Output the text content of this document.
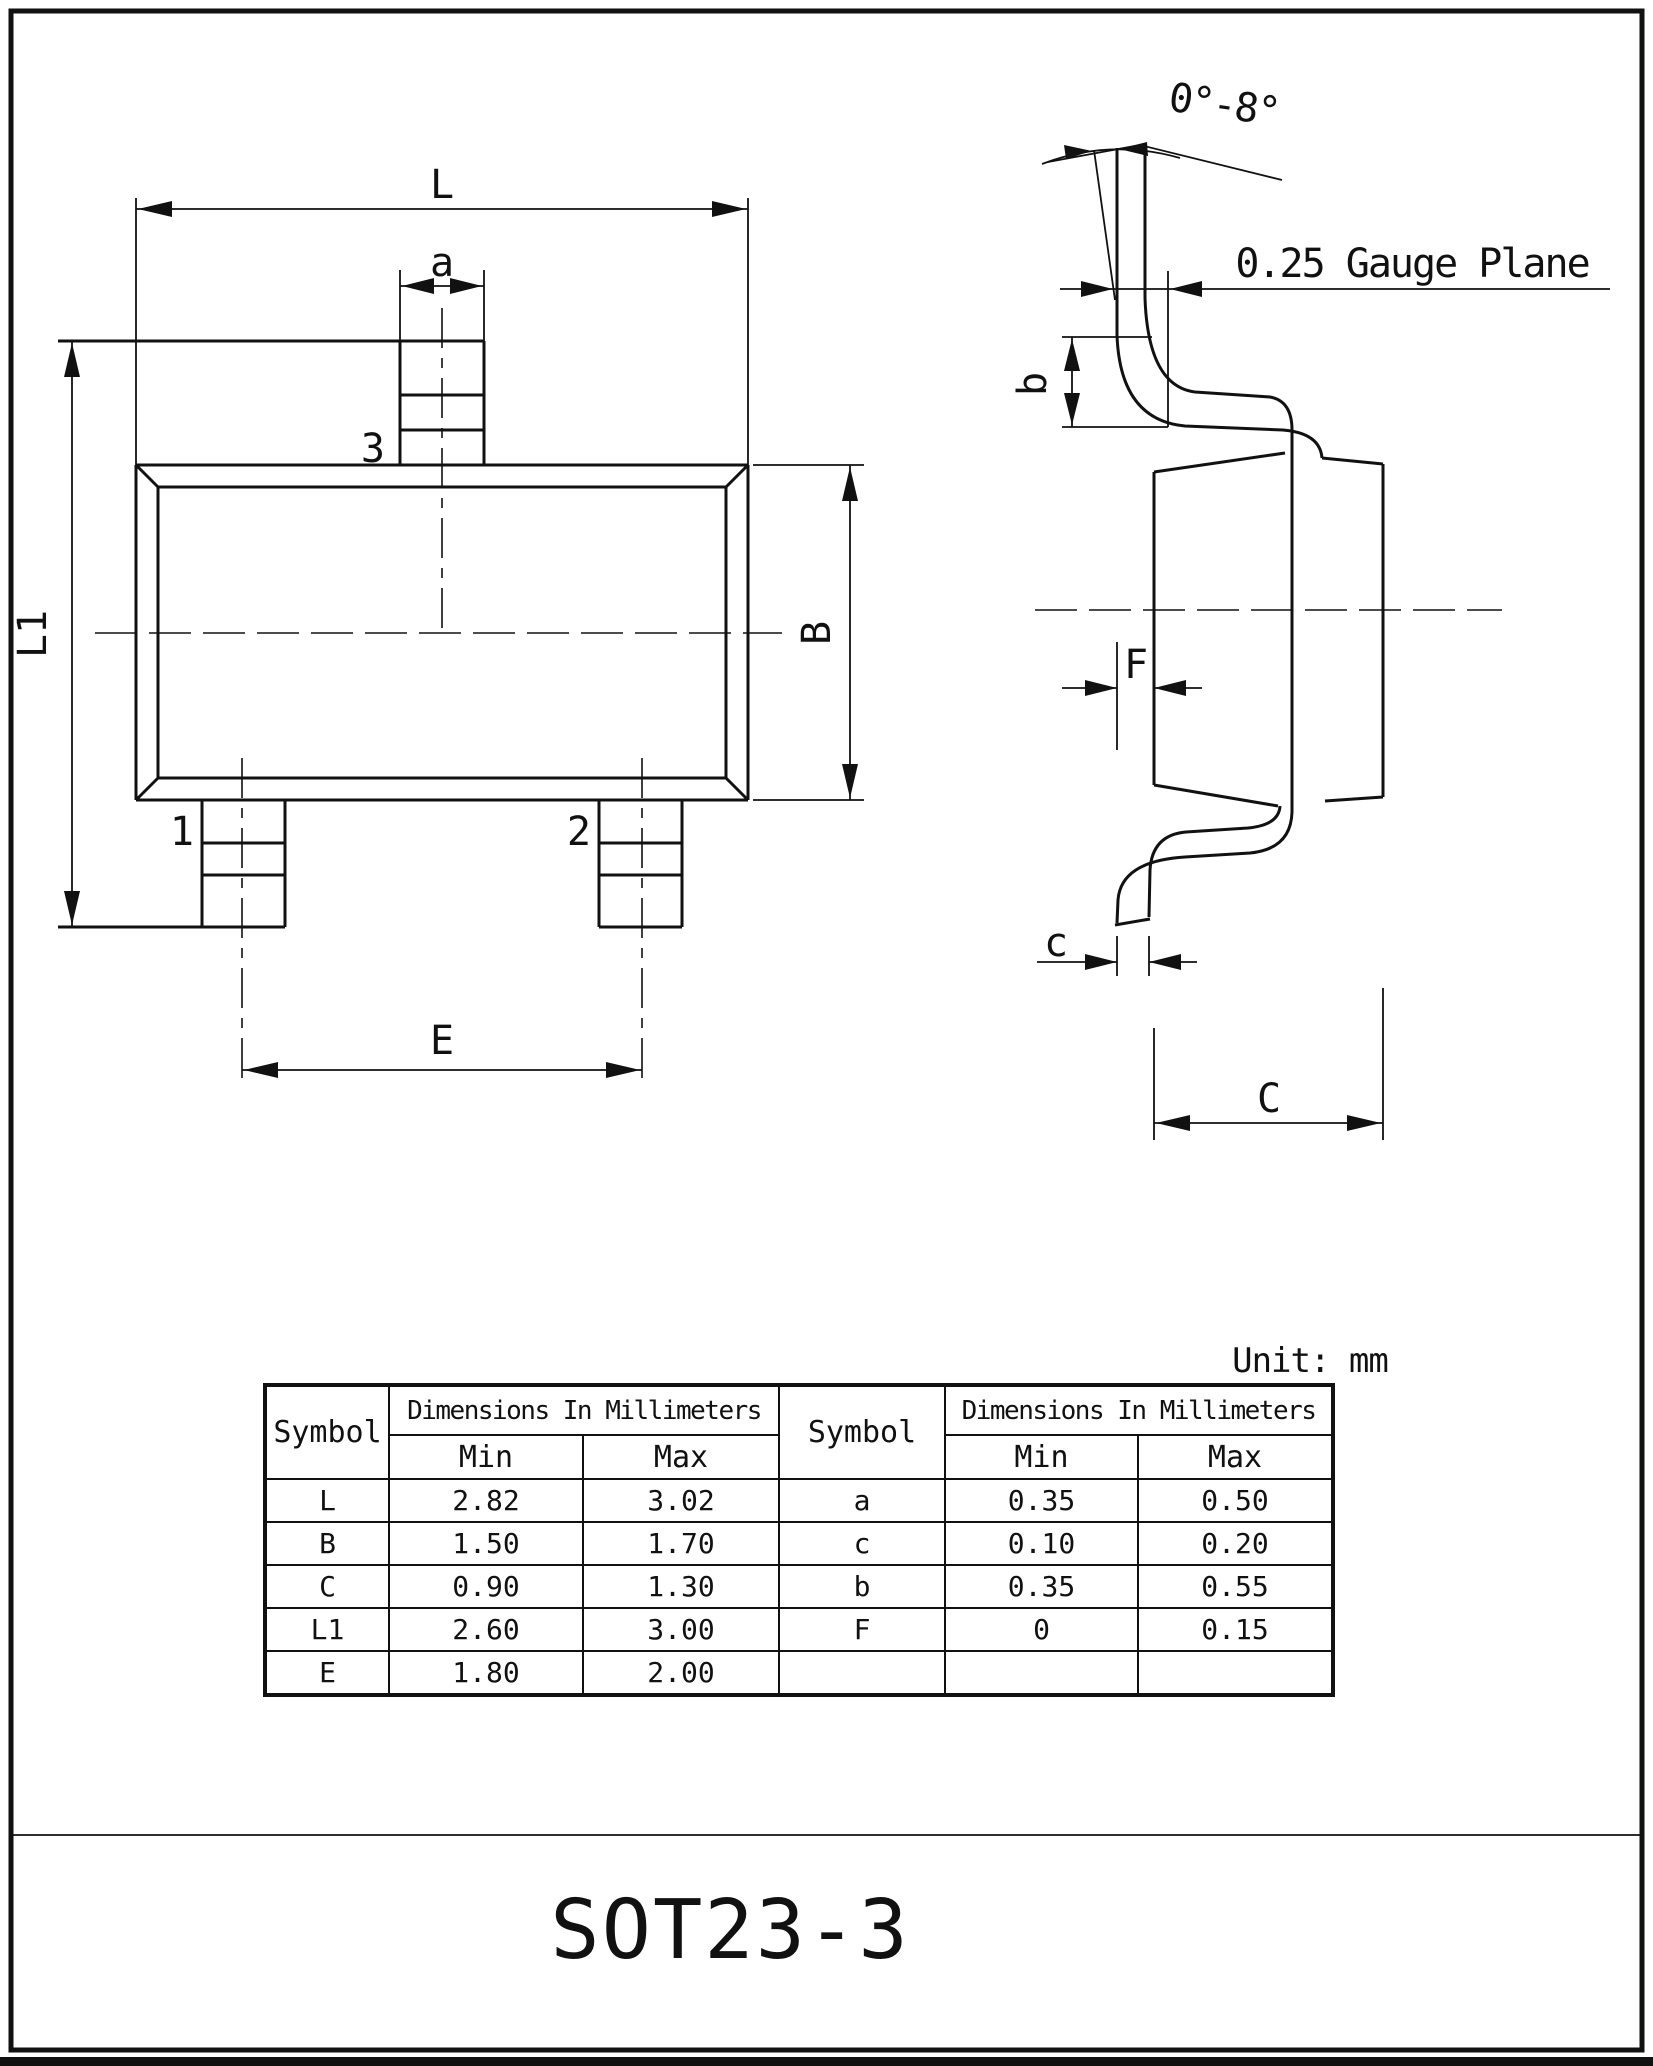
L
a
L1	B
E
3
1	2
0°-8°
0.25 Gauge Plane
b
F
c
C
Unit: mm
SOT23-3
Symbol	Dimensions In Millimeters		Symbol	Dimensions In Millimeters	
	Min	Max		Min	Max
L	2.82	3.02	a	0.35	0.50
B	1.50	1.70	c	0.10	0.20
C	0.90	1.30	b	0.35	0.55
L1	2.60	3.00	F	0	0.15
E	1.80	2.00			
